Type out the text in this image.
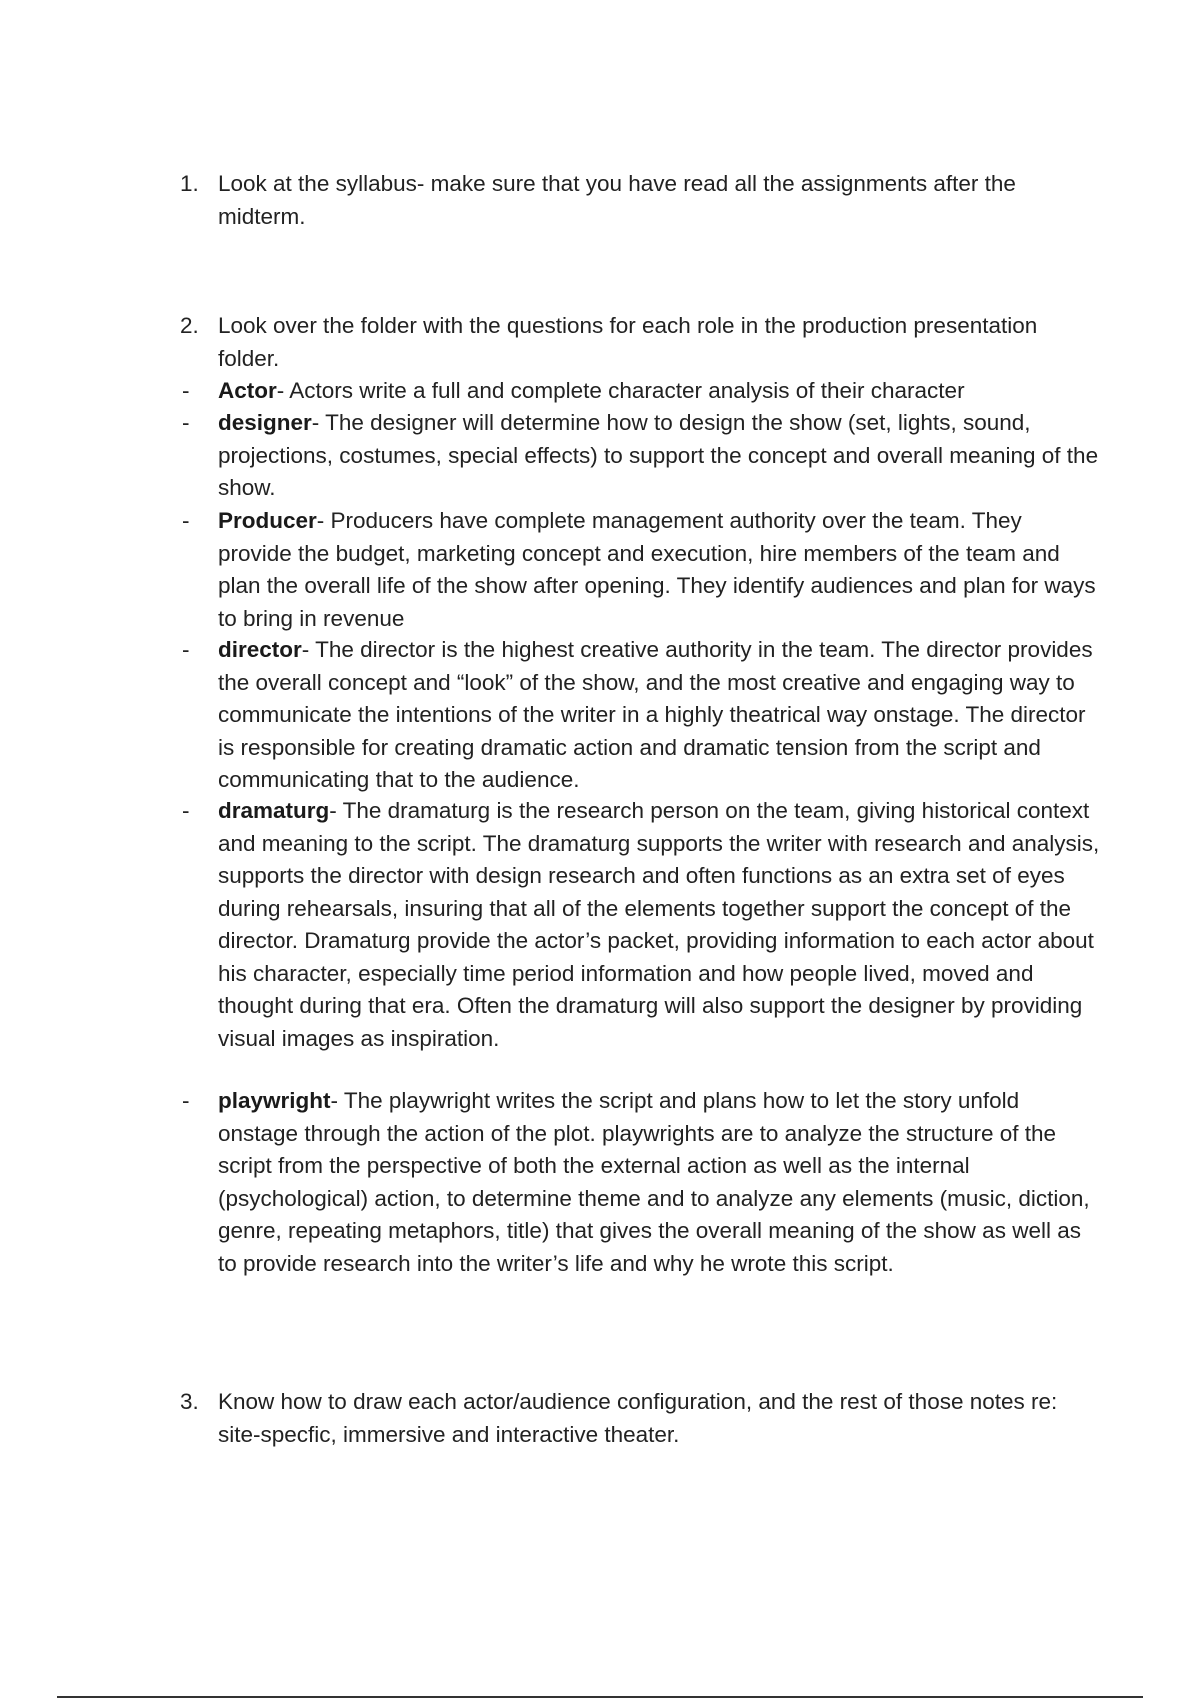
1. Look at the syllabus- make sure that you have read all the assignments after the midterm.
2. Look over the folder with the questions for each role in the production presentation folder.
- Actor- Actors write a full and complete character analysis of their character
- designer- The designer will determine how to design the show (set, lights, sound, projections, costumes, special effects) to support the concept and overall meaning of the show.
- Producer- Producers have complete management authority over the team. They provide the budget, marketing concept and execution, hire members of the team and plan the overall life of the show after opening. They identify audiences and plan for ways to bring in revenue
- director- The director is the highest creative authority in the team. The director provides the overall concept and “look” of the show, and the most creative and engaging way to communicate the intentions of the writer in a highly theatrical way onstage. The director is responsible for creating dramatic action and dramatic tension from the script and communicating that to the audience.
- dramaturg- The dramaturg is the research person on the team, giving historical context and meaning to the script. The dramaturg supports the writer with research and analysis, supports the director with design research and often functions as an extra set of eyes during rehearsals, insuring that all of the elements together support the concept of the director. Dramaturg provide the actor’s packet, providing information to each actor about his character, especially time period information and how people lived, moved and thought during that era. Often the dramaturg will also support the designer by providing visual images as inspiration.
- playwright- The playwright writes the script and plans how to let the story unfold onstage through the action of the plot. playwrights are to analyze the structure of the script from the perspective of both the external action as well as the internal (psychological) action, to determine theme and to analyze any elements (music, diction, genre, repeating metaphors, title) that gives the overall meaning of the show as well as to provide research into the writer’s life and why he wrote this script.
3. Know how to draw each actor/audience configuration, and the rest of those notes re: site-specfic, immersive and interactive theater.
